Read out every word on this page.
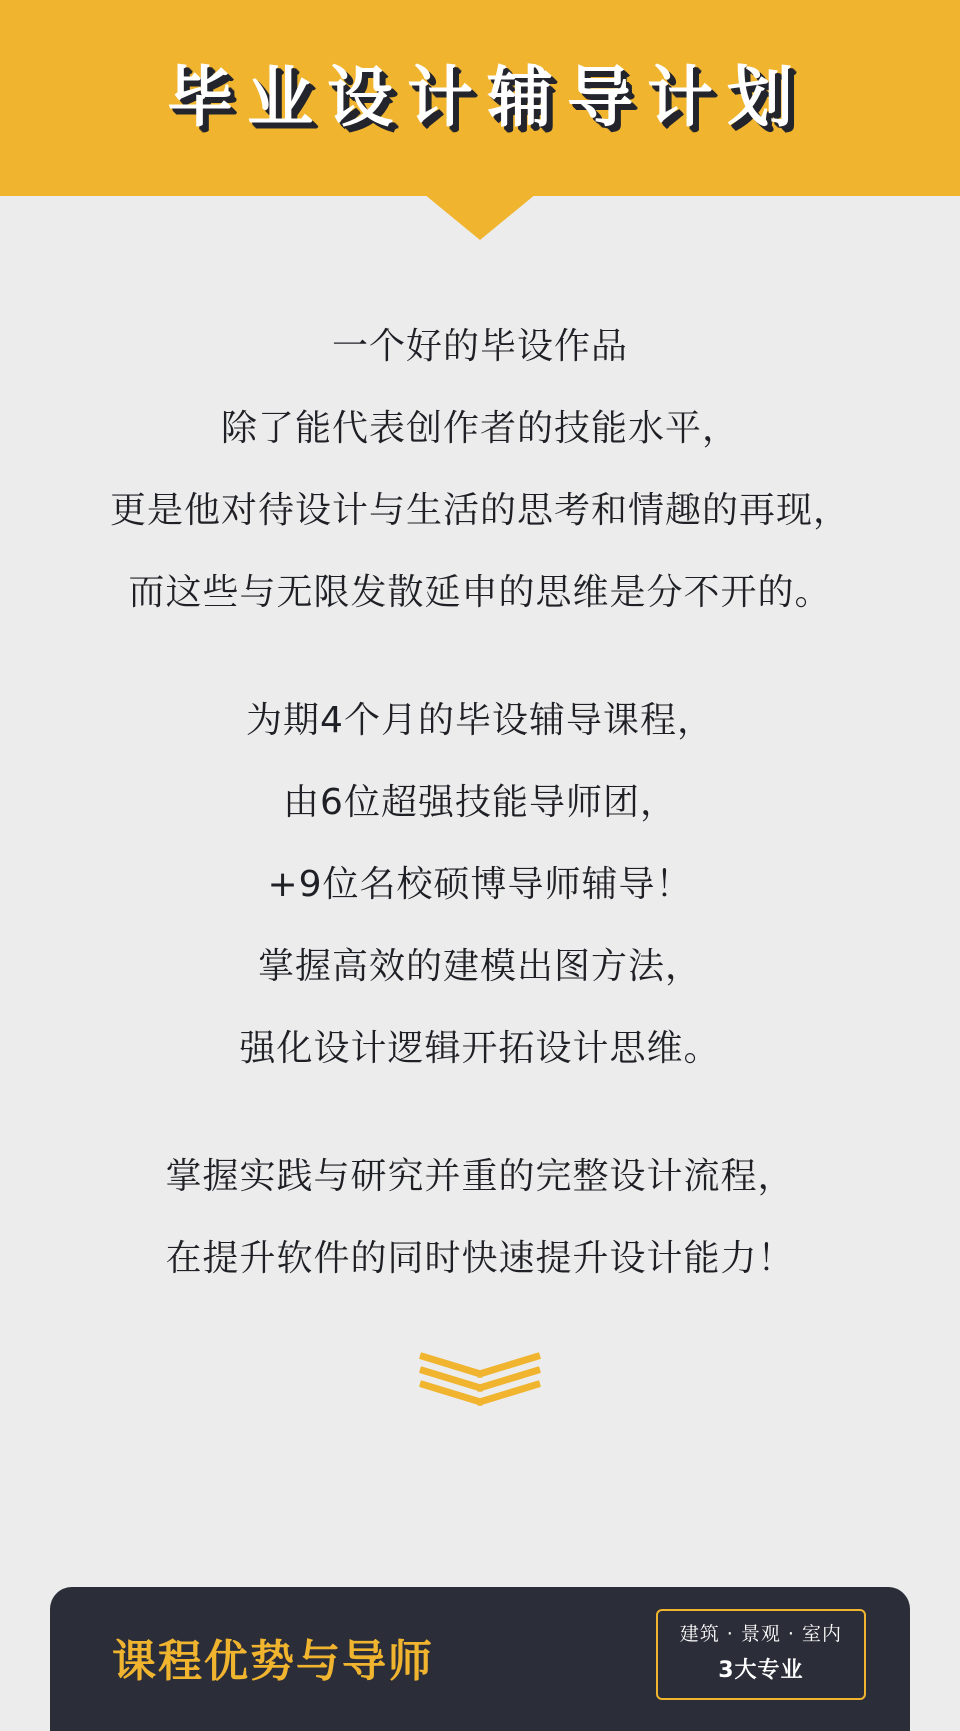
毕业设计辅导计划
一个好的毕设作品
除了能代表创作者的技能水平，
更是他对待设计与生活的思考和情趣的再现，
而这些与无限发散延申的思维是分不开的。
为期4个月的毕设辅导课程，
由6位超强技能导师团，
+9位名校硕博导师辅导！
掌握高效的建模出图方法，
强化设计逻辑开拓设计思维。
掌握实践与研究并重的完整设计流程，
在提升软件的同时快速提升设计能力！
课程优势与导师
建筑 · 景观 · 室内
3大专业
